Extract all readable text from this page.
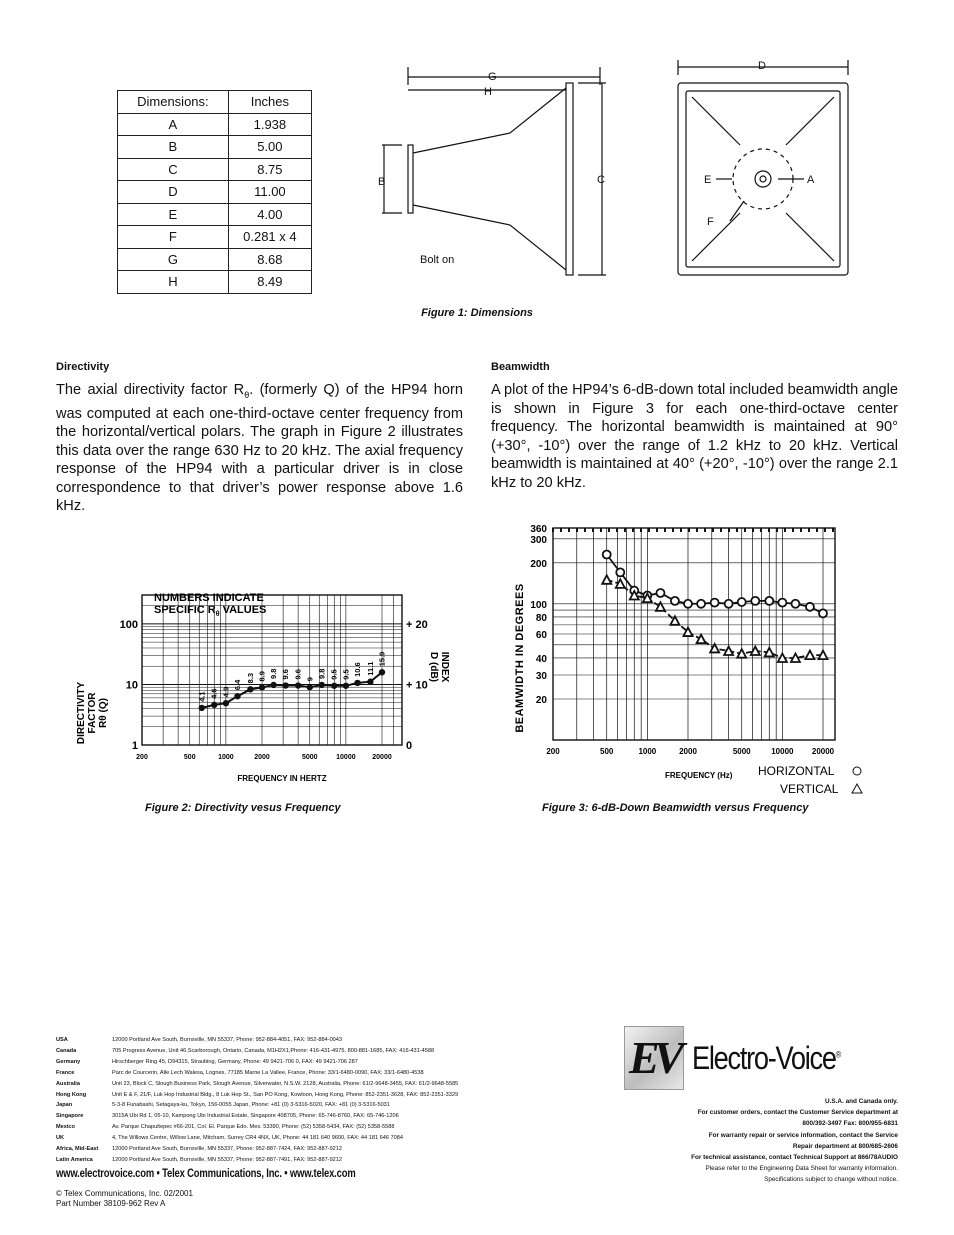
Dimensions:	Inches
A	1.938
B	5.00
C	8.75
D	11.00
E	4.00
F	0.281 x 4
G	8.68
H	8.49
G
H
B	C
D
E	A
F
Bolt on
Figure 1: Dimensions
Directivity
The axial directivity factor $R_\theta$. (formerly Q) of the HP94 horn was computed at each one-third-octave center frequency from the horizontal/vertical polars. The graph in Figure 2 illustrates this data over the range 630 Hz to 20 kHz. The axial frequency response of the HP94 with a particular driver is in close correspondence to that driver’s power response above 1.6 kHz.
Beamwidth
A plot of the HP94’s 6-dB-down total included beamwidth angle is shown in Figure 3 for each one-third-octave center frequency. The horizontal beamwidth is maintained at 90° (+30°, -10°) over the range of 1.2 kHz to 20 kHz. Vertical beamwidth is maintained at 40° (+20°, -10°) over the range 2.1 kHz to 20 kHz.
1
10
100
0
+ 10
+ 20
200	500	1000	2000	5000	10000 20000
4.1 4.6 4.9
6.4
8.3 8.9 9.8 9.6 9.6 9
9.8 9.5 9.5 10.6 11.1
15.9
NUMBERS INDICATE
SPECIFIC $R_\theta$ VALUES
DIRECTIVITY FACTOR Rθ (Q)
INDEX
D (dB)
FREQUENCY IN HERTZ
Figure 2: Directivity vesus Frequency
20
30
40
60
80
100
200
300
360
200	500	1000	2000	5000	10000 20000
BEAMWIDTH IN DEGREES
FREQUENCY (Hz) HORIZONTAL
VERTICAL
Figure 3: 6-dB-Down Beamwidth versus Frequency
USA	12000 Portland Ave South, Burnsville, MN 55337, Phone: 952-884-4051, FAX: 952-884-0043
Canada	705 Progress Avenue, Unit 46,Scarborough, Ontario, Canada, M1H2X1,Phone: 416-431-4975, 800-881-1685, FAX: 416-431-4588
Germany	Hirschberger Ring 45, D94315, Straubing, Germany, Phone: 49 9421-706 0, FAX: 49 9421-706 287
France	Parc de Courcerin, Alle Lech Walesa, Lognes, 77185 Marne La Vallee, France, Phone: 33/1-6480-0090, FAX: 33/1-6480-4538
Australia	Unit 23, Block C, Slough Business Park, Slough Avenue, Silverwater, N.S.W. 2128, Australia, Phone: 61/2-9648-3455, FAX: 61/2-9648-5585
Hong Kong	Unit E & F, 21/F, Luk Hop Industrial Bldg., 8 Luk Hop St., San PO Kong, Kowloon, Hong Kong, Phone: 852-2351-3628, FAX: 852-2351-3329
Japan	5-3-8 Funabashi, Setagaya-ku, Tokyo, 156-0055 Japan, Phone: +81 (0) 3-5316-5020, FAX: +81 (0) 3-5316-5031
Singapore	3015A Ubi Rd 1, 05-10, Kampong Ubi Industrial Estate, Singapore 408705, Phone: 65-746-8760, FAX: 65-746-1206
Mexico	Av. Parque Chapultepec #66-201, Col. El. Parque Edo. Mex. 53390, Phone: (52) 5358-5434, FAX: (52) 5358-5588
UK	4, The Willows Centre, Willow Lane, Mitcham, Surrey CR4 4NX, UK, Phone: 44 181 640 9600, FAX: 44 181 646 7084
Africa, Mid-East	12000 Portland Ave South, Burnsville, MN 55337, Phone: 952-887-7424, FAX: 952-887-9212
Latin America	12000 Portland Ave South, Burnsville, MN 55337, Phone: 952-887-7491, FAX: 952-887-9212
www.electrovoice.com • Telex Communications, Inc. • www.telex.com
© Telex Communications, Inc. 02/2001
Part Number 38109-962 Rev A
EV Electro-Voice®
U.S.A. and Canada only.
For customer orders, contact the Customer Service department at
800/392-3497 Fax: 800/955-6831
For warranty repair or service information, contact the Service
Repair department at 800/685-2606
For technical assistance, contact Technical Support at 866/78AUDIO
Please refer to the Engineering Data Sheet for warranty information.
Specifications subject to change without notice.
